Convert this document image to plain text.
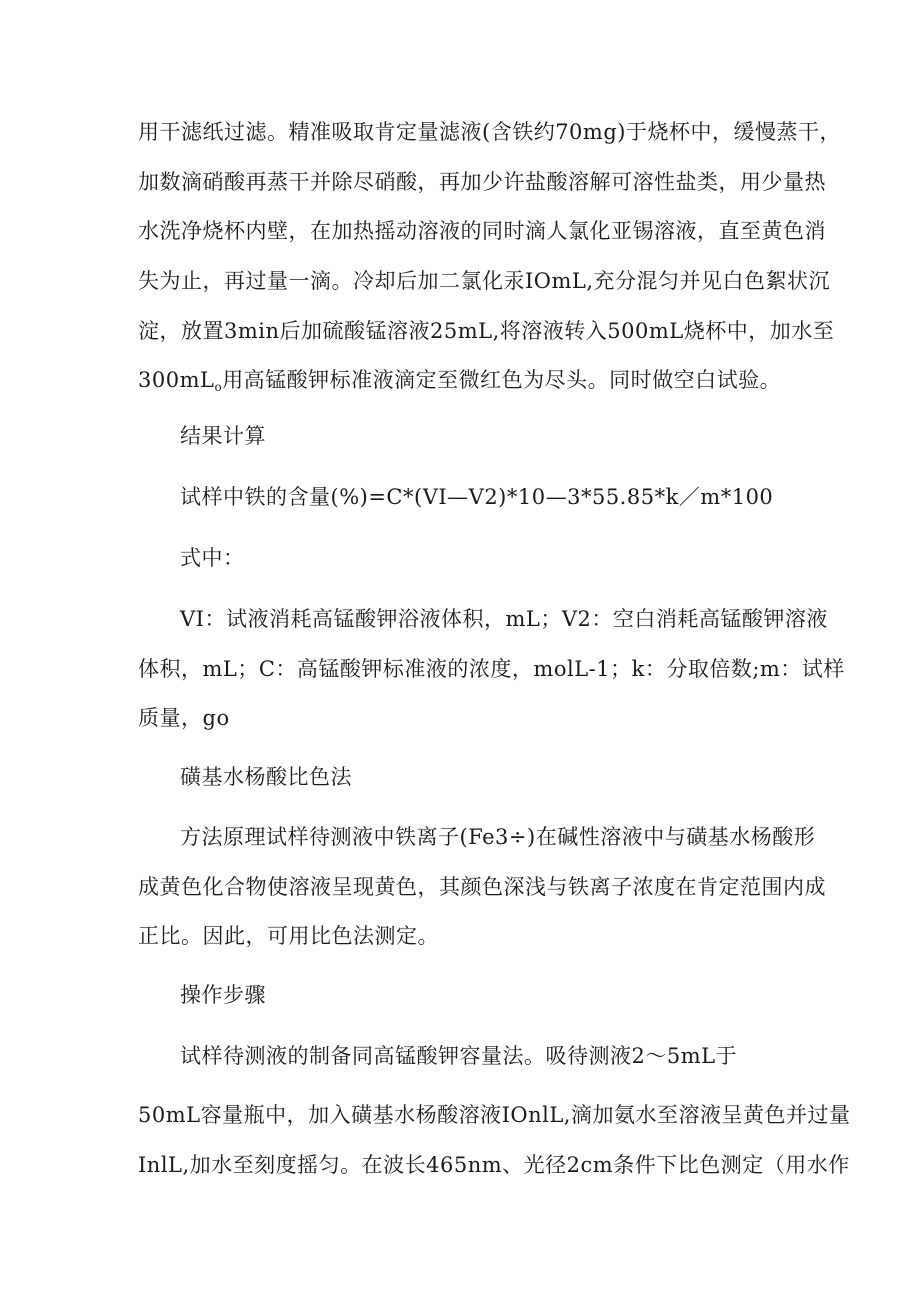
用干滤纸过滤。精准吸取肯定量滤液(含铁约70mg)于烧杯中，缓慢蒸干，
加数滴硝酸再蒸干并除尽硝酸，再加少许盐酸溶解可溶性盐类，用少量热
水洗净烧杯内壁，在加热摇动溶液的同时滴人氯化亚锡溶液，直至黄色消
失为止，再过量一滴。冷却后加二氯化汞IOmL,充分混匀并见白色絮状沉
淀，放置3min后加硫酸锰溶液25mL,将溶液转入500mL烧杯中，加水至
$300mL_o$用高锰酸钾标准液滴定至微红色为尽头。同时做空白试验。
结果计算
试样中铁的含量(%)=C*(VI—V2)*10—3*55.85*k／m*100
式中：
VI：试液消耗高锰酸钾浴液体积，mL；V2：空白消耗高锰酸钾溶液
体积，mL；C：高锰酸钾标准液的浓度，molL-1；k：分取倍数;m：试样
质量，go
磺基水杨酸比色法
方法原理试样待测液中铁离子(Fe3÷)在碱性溶液中与磺基水杨酸形
成黄色化合物使溶液呈现黄色，其颜色深浅与铁离子浓度在肯定范围内成
正比。因此，可用比色法测定。
操作步骤
试样待测液的制备同高锰酸钾容量法。吸待测液2～5mL于
50mL容量瓶中，加入磺基水杨酸溶液IOnlL,滴加氨水至溶液呈黄色并过量
InlL,加水至刻度摇匀。在波长465nm、光径2cm条件下比色测定（用水作
